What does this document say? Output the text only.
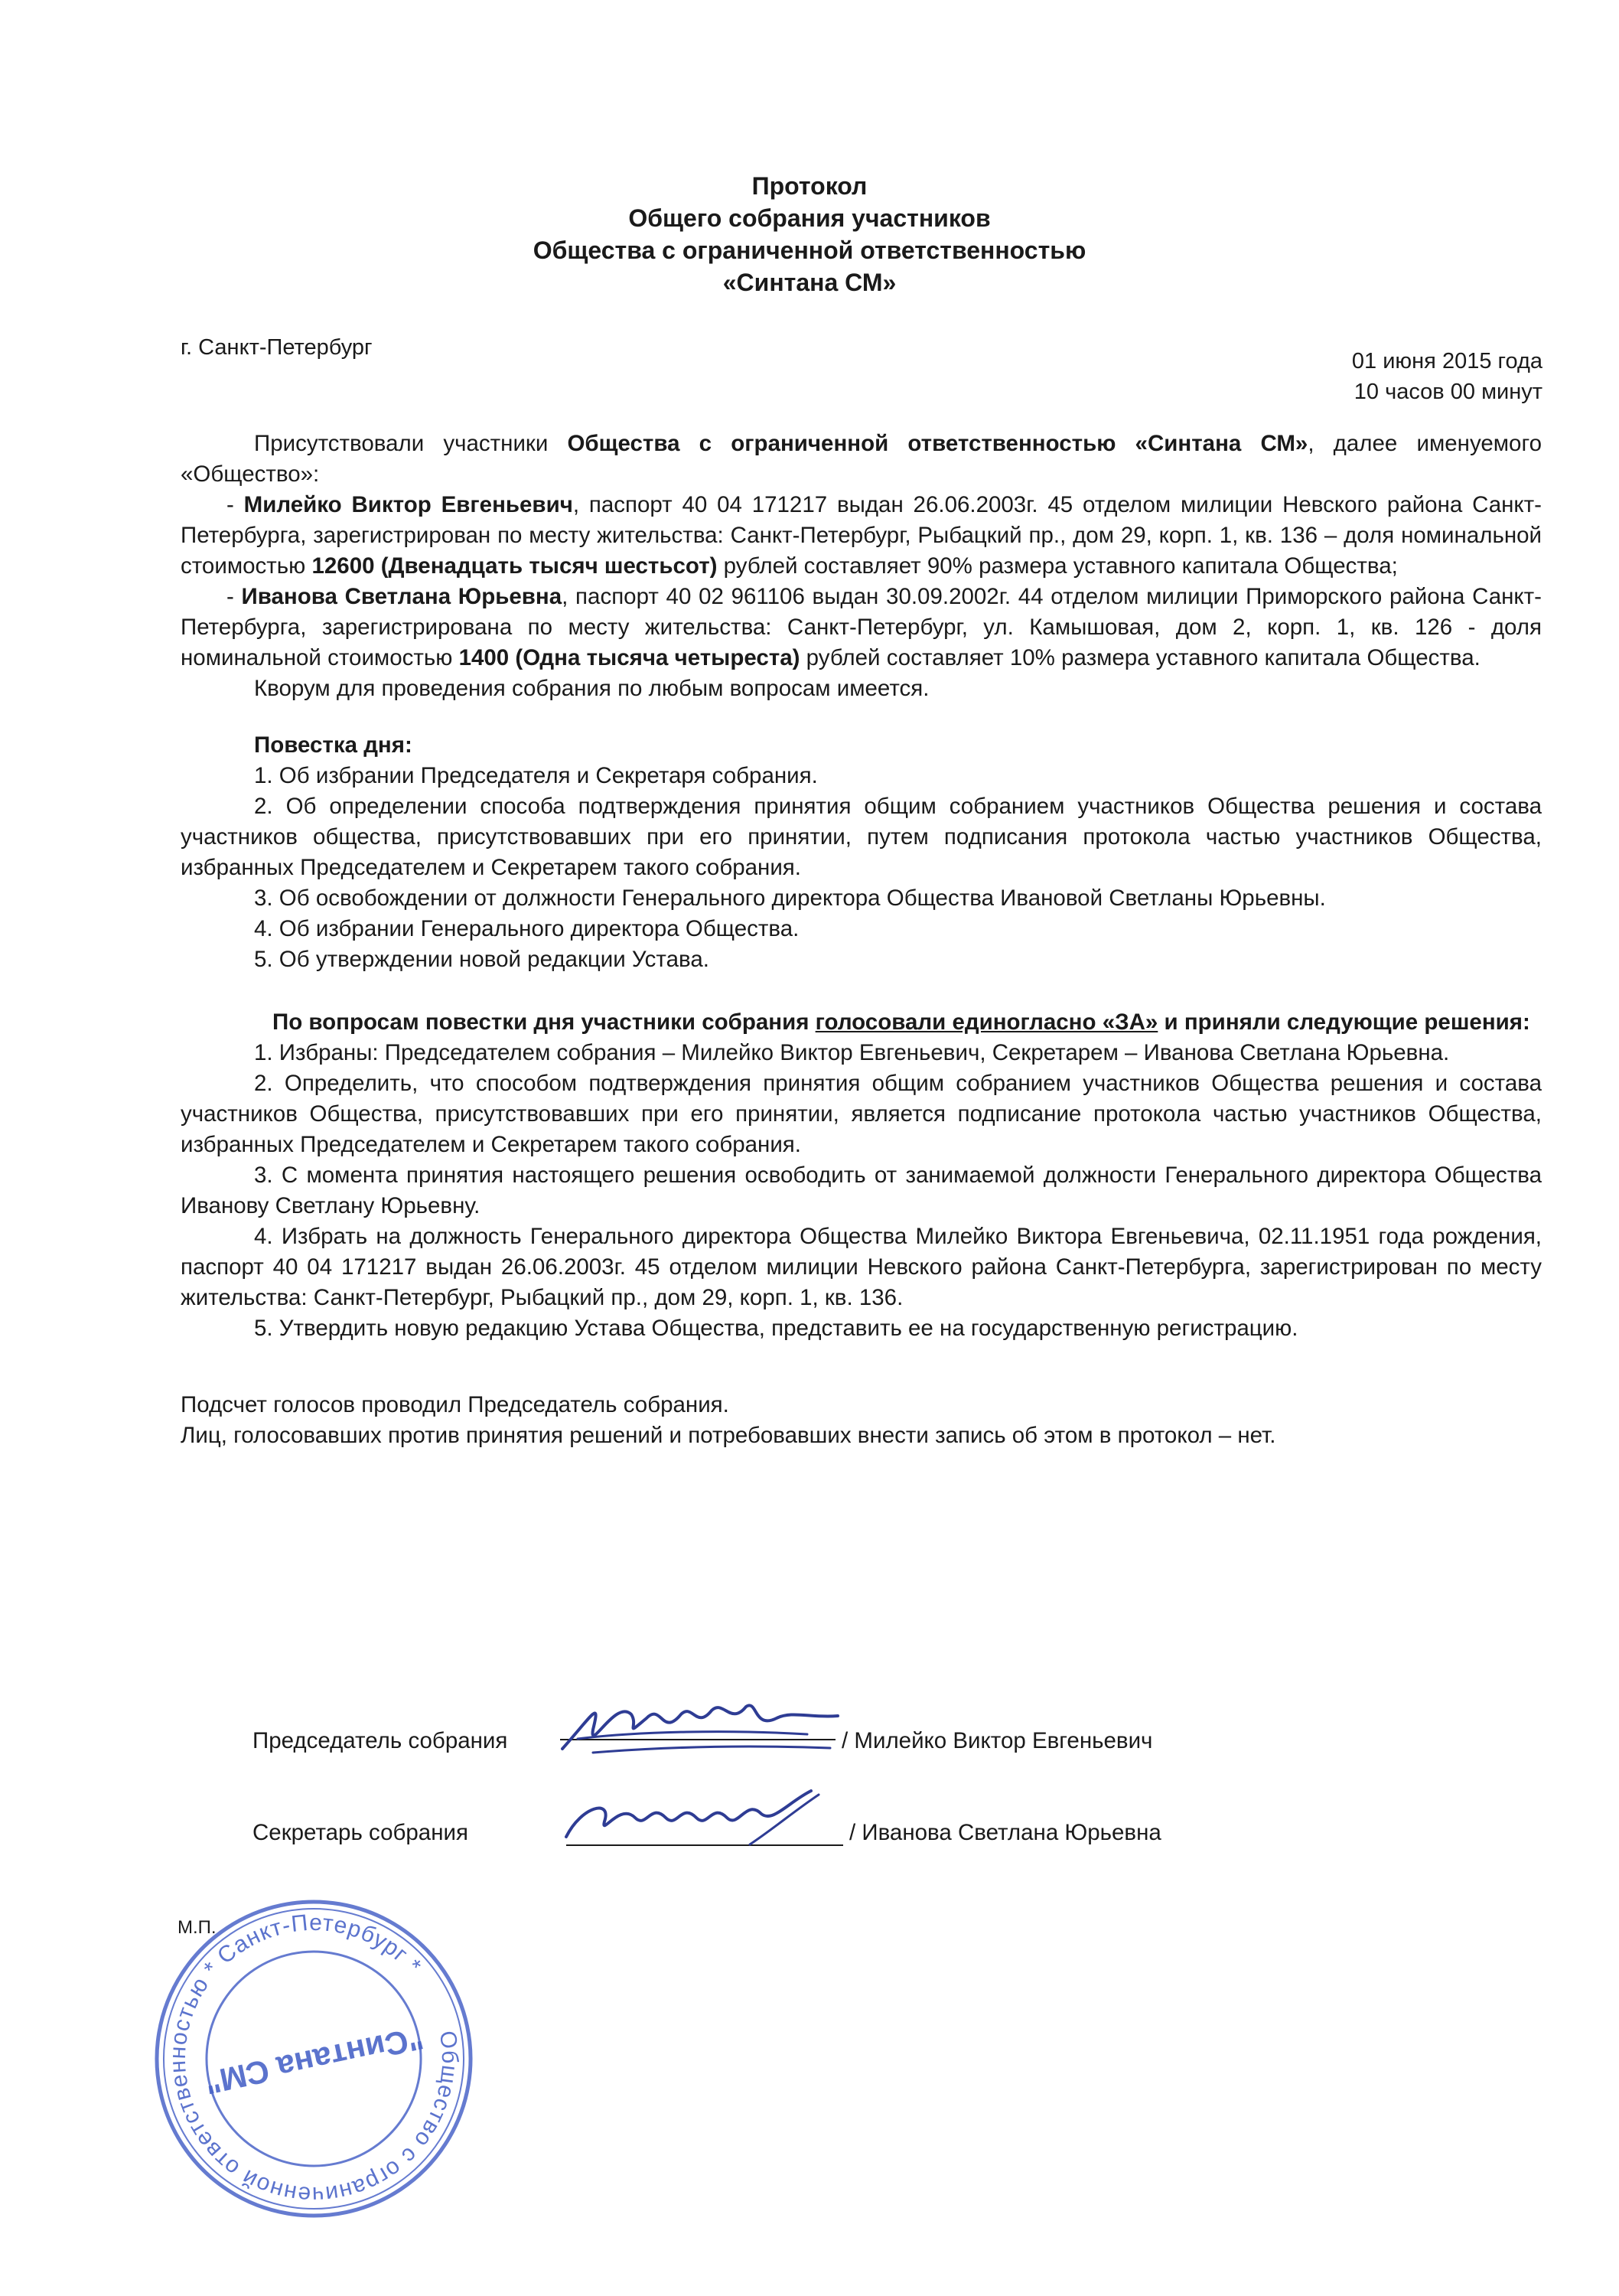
Протокол
Общего собрания участников
Общества с ограниченной ответственностью
«Синтана СМ»
г. Санкт-Петербург
01 июня 2015 года
10 часов 00 минут

Присутствовали участники Общества с ограниченной ответственностью «Синтана СМ», далее именуемого «Общество»:

- Милейко Виктор Евгеньевич, паспорт 40 04 171217 выдан 26.06.2003г. 45 отделом милиции Невского района Санкт-Петербурга, зарегистрирован по месту жительства: Санкт-Петербург, Рыбацкий пр., дом 29, корп. 1, кв. 136 – доля номинальной стоимостью 12600 (Двенадцать тысяч шестьсот) рублей составляет 90% размера уставного капитала Общества;

- Иванова Светлана Юрьевна, паспорт 40 02 961106 выдан 30.09.2002г. 44 отделом милиции Приморского района Санкт-Петербурга, зарегистрирована по месту жительства: Санкт-Петербург, ул. Камышовая, дом 2, корп. 1, кв. 126 - доля номинальной стоимостью 1400 (Одна тысяча четыреста) рублей составляет 10% размера уставного капитала Общества.

Кворум для проведения собрания по любым вопросам имеется.

Повестка дня:

1. Об избрании Председателя и Секретаря собрания.

2. Об определении способа подтверждения принятия общим собранием участников Общества решения и состава участников общества, присутствовавших при его принятии, путем подписания протокола частью участников Общества, избранных Председателем и Секретарем такого собрания.

3. Об освобождении от должности Генерального директора Общества Ивановой Светланы Юрьевны.

4. Об избрании Генерального директора Общества.

5. Об утверждении новой редакции Устава.

По вопросам повестки дня участники собрания голосовали единогласно «ЗА» и приняли следующие решения:

1. Избраны: Председателем собрания – Милейко Виктор Евгеньевич, Секретарем – Иванова Светлана Юрьевна.

2. Определить, что способом подтверждения принятия общим собранием участников Общества решения и состава участников Общества, присутствовавших при его принятии, является подписание протокола частью участников Общества, избранных Председателем и Секретарем такого собрания.

3. С момента принятия настоящего решения освободить от занимаемой должности Генерального директора Общества Иванову Светлану Юрьевну.

4. Избрать на должность Генерального директора Общества Милейко Виктора Евгеньевича, 02.11.1951 года рождения, паспорт 40 04 171217 выдан 26.06.2003г. 45 отделом милиции Невского района Санкт-Петербурга, зарегистрирован по месту жительства: Санкт-Петербург, Рыбацкий пр., дом 29, корп. 1, кв. 136.

5. Утвердить новую редакцию Устава Общества, представить ее на государственную регистрацию.

Подсчет голосов проводил Председатель собрания.

Лиц, голосовавших против принятия решений и потребовавших внести запись об этом в протокол – нет.

Председатель собрания	/ Милейко Виктор Евгеньевич
Секретарь собрания	/ Иванова Светлана Юрьевна
М.П.
Общество с ограниченной ответственностью * Санкт-Петербург *
"Синтана СМ"
